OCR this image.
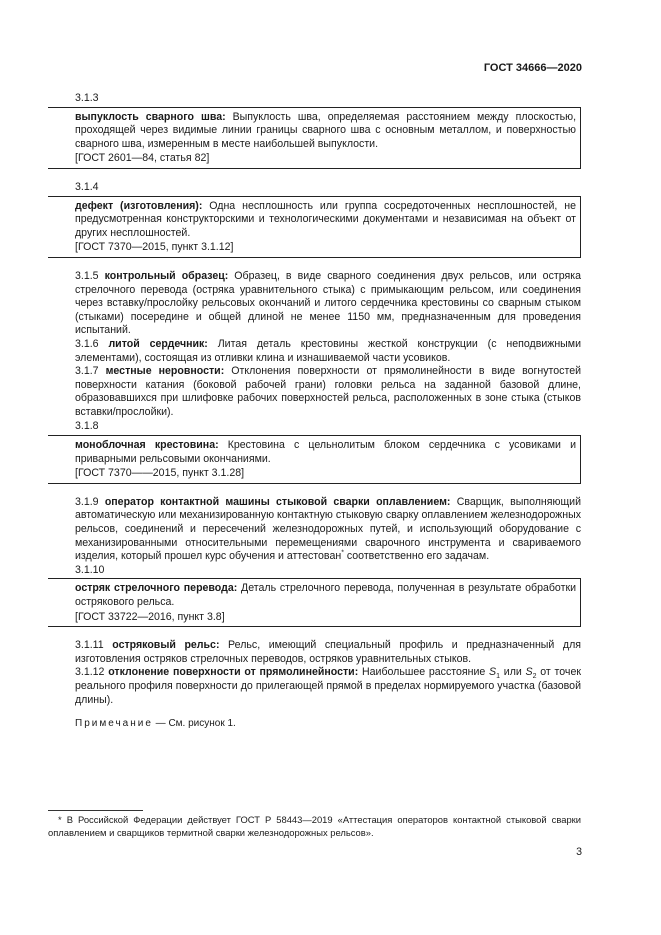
ГОСТ 34666—2020
3.1.3
выпуклость сварного шва: Выпуклость шва, определяемая расстоянием между плоскостью, проходящей через видимые линии границы сварного шва с основным металлом, и поверхностью сварного шва, измеренным в месте наибольшей выпуклости.
[ГОСТ 2601—84, статья 82]
3.1.4
дефект (изготовления): Одна несплошность или группа сосредоточенных несплошностей, не предусмотренная конструкторскими и технологическими документами и независимая на объект от других несплошностей.
[ГОСТ 7370—2015, пункт 3.1.12]
3.1.5 контрольный образец: Образец, в виде сварного соединения двух рельсов, или остряка стрелочного перевода (остряка уравнительного стыка) с примыкающим рельсом, или соединения через вставку/прослойку рельсовых окончаний и литого сердечника крестовины со сварным стыком (стыками) посередине и общей длиной не менее 1150 мм, предназначенным для проведения испытаний.
3.1.6 литой сердечник: Литая деталь крестовины жесткой конструкции (с неподвижными элементами), состоящая из отливки клина и изнашиваемой части усовиков.
3.1.7 местные неровности: Отклонения поверхности от прямолинейности в виде вогнутостей поверхности катания (боковой рабочей грани) головки рельса на заданной базовой длине, образовавшихся при шлифовке рабочих поверхностей рельса, расположенных в зоне стыка (стыков вставки/прослойки).
3.1.8
моноблочная крестовина: Крестовина с цельнолитым блоком сердечника с усовиками и приварными рельсовыми окончаниями.
[ГОСТ 7370——2015, пункт 3.1.28]
3.1.9 оператор контактной машины стыковой сварки оплавлением: Сварщик, выполняющий автоматическую или механизированную контактную стыковую сварку оплавлением железнодорожных рельсов, соединений и пересечений железнодорожных путей, и использующий оборудование с механизированными относительными перемещениями сварочного инструмента и свариваемого изделия, который прошел курс обучения и аттестован* соответственно его задачам.
3.1.10
остряк стрелочного перевода: Деталь стрелочного перевода, полученная в результате обработки острякового рельса.
[ГОСТ 33722—2016, пункт 3.8]
3.1.11 остряковый рельс: Рельс, имеющий специальный профиль и предназначенный для изготовления остряков стрелочных переводов, остряков уравнительных стыков.
3.1.12 отклонение поверхности от прямолинейности: Наибольшее расстояние $S_1$ или $S_2$ от точек реального профиля поверхности до прилегающей прямой в пределах нормируемого участка (базовой длины).
Примечание — См. рисунок 1.
* В Российской Федерации действует ГОСТ Р 58443—2019 «Аттестация операторов контактной стыковой сварки оплавлением и сварщиков термитной сварки железнодорожных рельсов».
3
